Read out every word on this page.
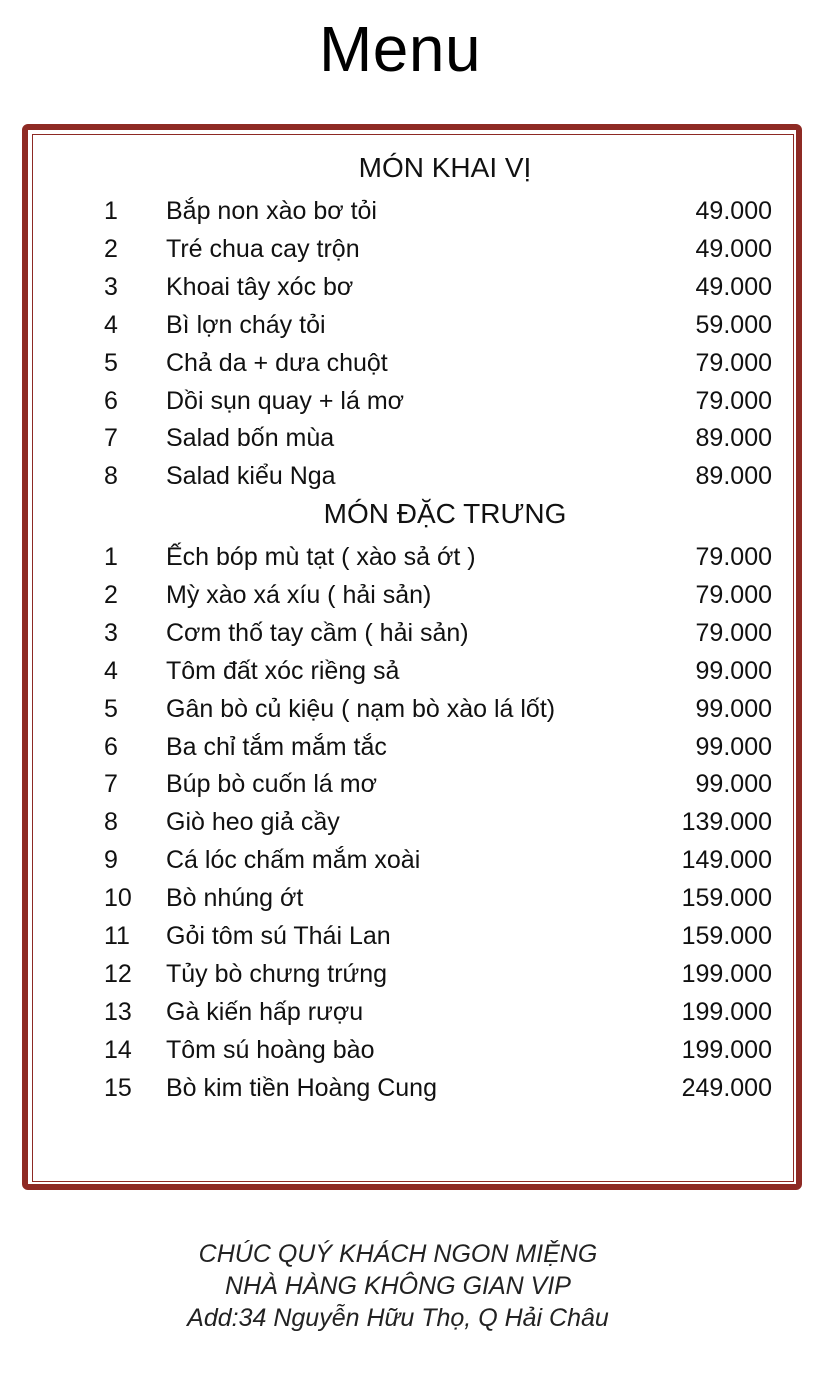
Menu
MÓN KHAI VỊ
1 Bắp non xào bơ tỏi	49.000
2 Tré chua cay trộn	49.000
3 Khoai tây xóc bơ	49.000
4 Bì lợn cháy tỏi	59.000
5 Chả da + dưa chuột	79.000
6 Dồi sụn quay + lá mơ	79.000
7 Salad bốn mùa	89.000
8 Salad kiểu Nga	89.000
MÓN ĐẶC TRƯNG
1 Ếch bóp mù tạt ( xào sả ớt )	79.000
2 Mỳ xào xá xíu ( hải sản)	79.000
3 Cơm thố tay cầm ( hải sản)	79.000
4 Tôm đất xóc riềng sả	99.000
5 Gân bò củ kiệu ( nạm bò xào lá lốt)	99.000
6 Ba chỉ tắm mắm tắc	99.000
7 Búp bò cuốn lá mơ	99.000
8 Giò heo giả cầy	139.000
9 Cá lóc chấm mắm xoài	149.000
10 Bò nhúng ớt	159.000
11 Gỏi tôm sú Thái Lan	159.000
12 Tủy bò chưng trứng	199.000
13 Gà kiến hấp rượu	199.000
14 Tôm sú hoàng bào	199.000
15 Bò kim tiền Hoàng Cung	249.000
CHÚC QUÝ KHÁCH NGON MIỆNG
NHÀ HÀNG KHÔNG GIAN VIP
Add:34 Nguyễn Hữu Thọ, Q Hải Châu
